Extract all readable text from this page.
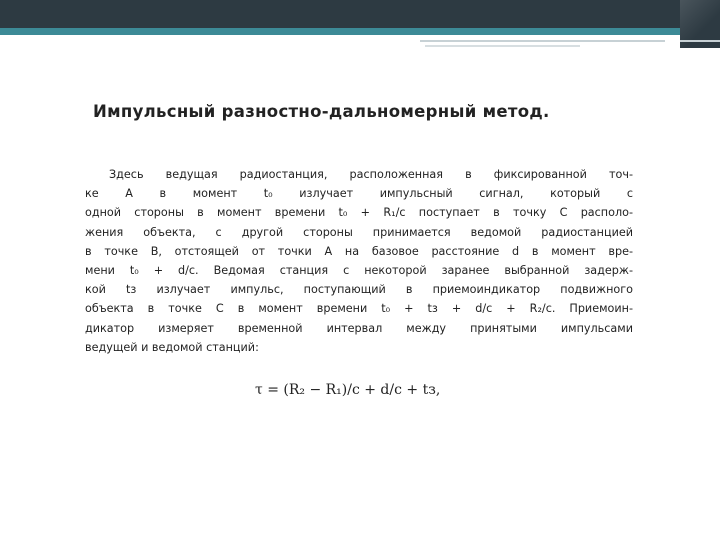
Импульсный разностно-дальномерный метод.

Здесь ведущая радиостанция, расположенная в фиксированной точ-
ке A в момент t₀ излучает импульсный сигнал, который с
одной стороны в момент времени t₀ + R₁/c поступает в точку C располо-
жения объекта, с другой стороны принимается ведомой радиостанцией
в точке B, отстоящей от точки A на базовое расстояние d в момент вре-
мени t₀ + d/c. Ведомая станция с некоторой заранее выбранной задерж-
кой tз излучает импульс, поступающий в приемоиндикатор подвижного
объекта в точке C в момент времени t₀ + tз + d/c + R₂/c. Приемоин-
дикатор измеряет временной интервал между принятыми импульсами
ведущей и ведомой станций:

τ = (R₂ − R₁)/c + d/c + tз,
